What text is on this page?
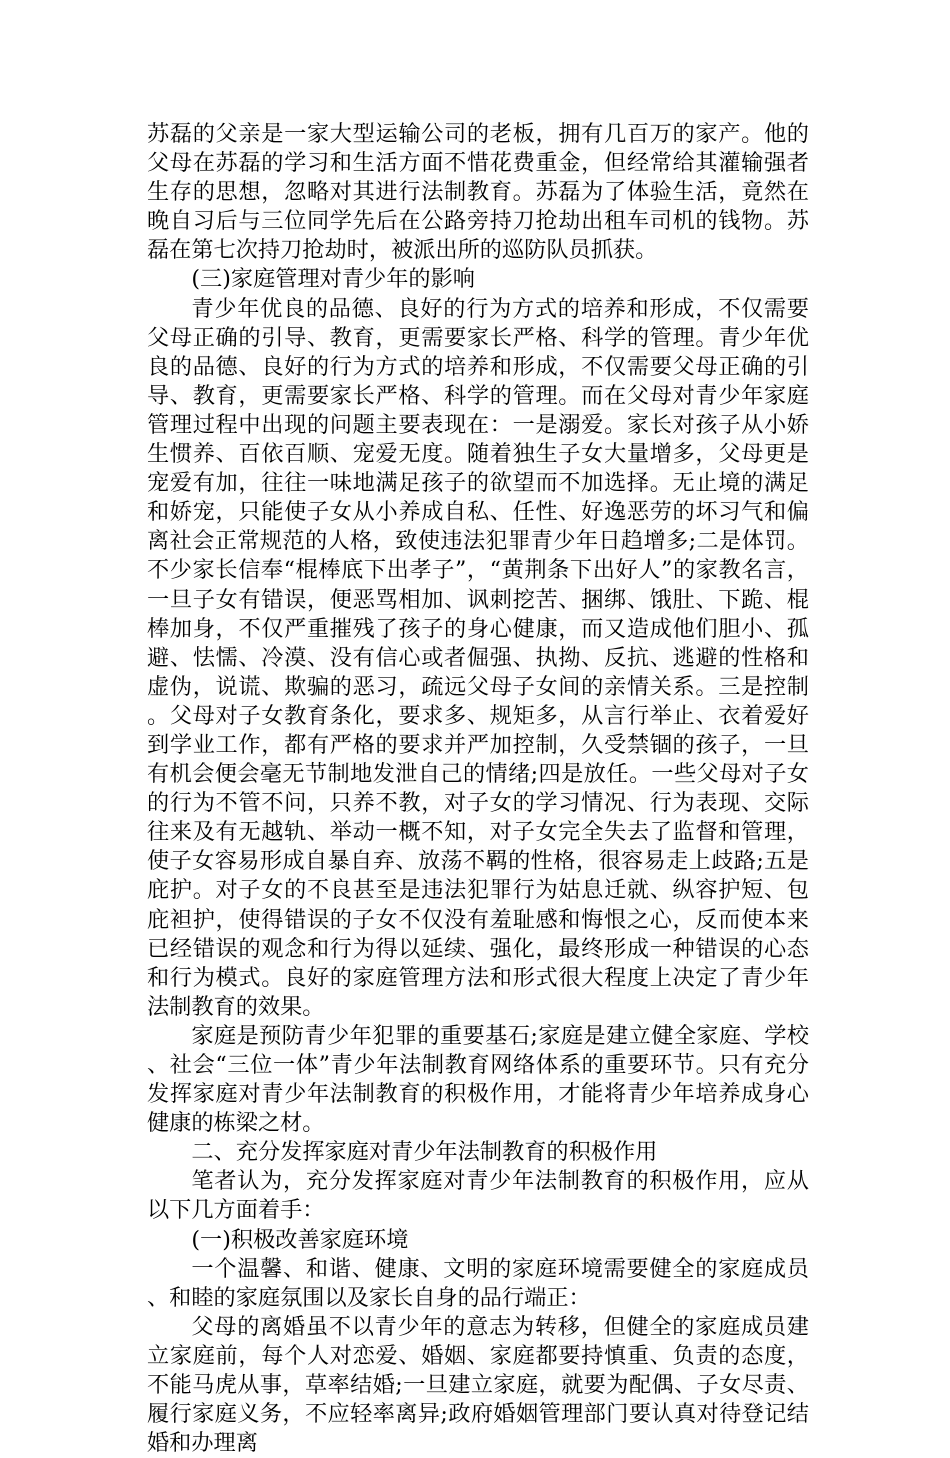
苏磊的父亲是一家大型运输公司的老板，拥有几百万的家产。他的父母在苏磊的学习和生活方面不惜花费重金，但经常给其灌输强者生存的思想，忽略对其进行法制教育。苏磊为了体验生活，竟然在晚自习后与三位同学先后在公路旁持刀抢劫出租车司机的钱物。苏磊在第七次持刀抢劫时，被派出所的巡防队员抓获。

(三)家庭管理对青少年的影响

青少年优良的品德、良好的行为方式的培养和形成，不仅需要父母正确的引导、教育，更需要家长严格、科学的管理。青少年优良的品德、良好的行为方式的培养和形成，不仅需要父母正确的引导、教育，更需要家长严格、科学的管理。而在父母对青少年家庭管理过程中出现的问题主要表现在：一是溺爱。家长对孩子从小娇生惯养、百依百顺、宠爱无度。随着独生子女大量增多，父母更是宠爱有加，往往一味地满足孩子的欲望而不加选择。无止境的满足和娇宠，只能使子女从小养成自私、任性、好逸恶劳的坏习气和偏离社会正常规范的人格，致使违法犯罪青少年日趋增多;二是体罚。不少家长信奉“棍棒底下出孝子”，“黄荆条下出好人”的家教名言，一旦子女有错误，便恶骂相加、讽刺挖苦、捆绑、饿肚、下跪、棍棒加身，不仅严重摧残了孩子的身心健康，而又造成他们胆小、孤避、怯懦、冷漠、没有信心或者倔强、执拗、反抗、逃避的性格和虚伪，说谎、欺骗的恶习，疏远父母子女间的亲情关系。三是控制。父母对子女教育条化，要求多、规矩多，从言行举止、衣着爱好到学业工作，都有严格的要求并严加控制，久受禁锢的孩子，一旦有机会便会毫无节制地发泄自己的情绪;四是放任。一些父母对子女的行为不管不问，只养不教，对子女的学习情况、行为表现、交际往来及有无越轨、举动一概不知，对子女完全失去了监督和管理，使子女容易形成自暴自弃、放荡不羁的性格，很容易走上歧路;五是庇护。对子女的不良甚至是违法犯罪行为姑息迁就、纵容护短、包庇袒护，使得错误的子女不仅没有羞耻感和悔恨之心，反而使本来已经错误的观念和行为得以延续、强化，最终形成一种错误的心态和行为模式。良好的家庭管理方法和形式很大程度上决定了青少年法制教育的效果。

家庭是预防青少年犯罪的重要基石;家庭是建立健全家庭、学校、社会“三位一体”青少年法制教育网络体系的重要环节。只有充分发挥家庭对青少年法制教育的积极作用，才能将青少年培养成身心健康的栋梁之材。

二、充分发挥家庭对青少年法制教育的积极作用

笔者认为，充分发挥家庭对青少年法制教育的积极作用，应从以下几方面着手：

(一)积极改善家庭环境

一个温馨、和谐、健康、文明的家庭环境需要健全的家庭成员、和睦的家庭氛围以及家长自身的品行端正：

父母的离婚虽不以青少年的意志为转移，但健全的家庭成员建立家庭前，每个人对恋爱、婚姻、家庭都要持慎重、负责的态度，不能马虎从事，草率结婚;一旦建立家庭，就要为配偶、子女尽责、履行家庭义务，不应轻率离异;政府婚姻管理部门要认真对待登记结婚和办理离
